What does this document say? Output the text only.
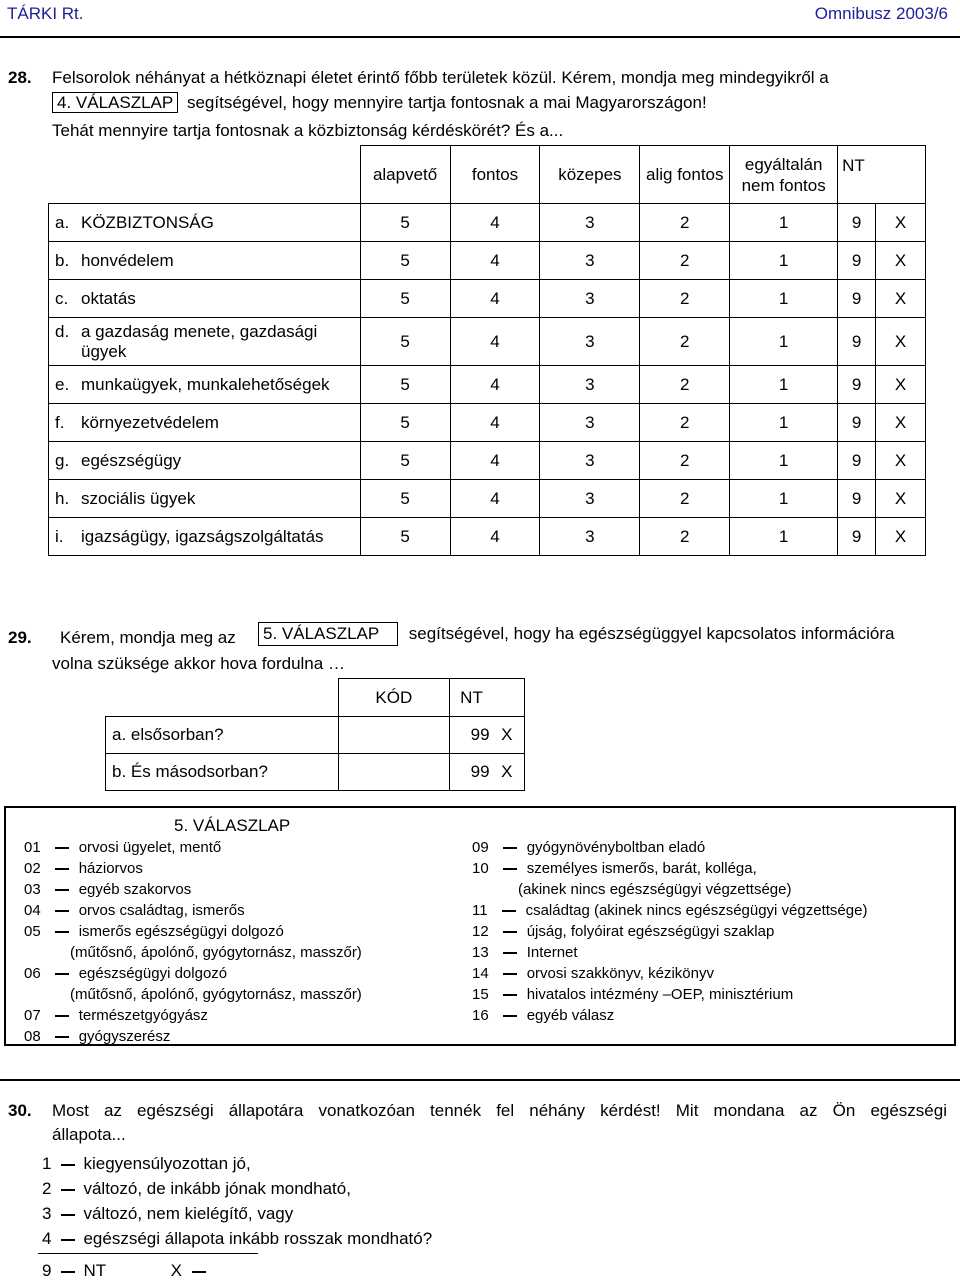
TÁRKI Rt.	Omnibusz 2003/6
28. Felsorolok néhányat a hétköznapi életet érintő főbb területek közül. Kérem, mondja meg mindegyikről a
4. VÁLASZLAP segítségével, hogy mennyire tartja fontosnak a mai Magyarországon!
Tehát mennyire tartja fontosnak a közbiztonság kérdéskörét? És a...
	alapvető	fontos	közepes	alig fontos	egyáltalán nem fontos	NT	

a. KÖZBIZTONSÁG	5	4	3	2	1	9	X

b. honvédelem	5	4	3	2	1	9	X

c. oktatás	5	4	3	2	1	9	X

d. a gazdaság menete, gazdasági ügyek	5	4	3	2	1	9	X

e. munkaügyek, munkalehetőségek	5	4	3	2	1	9	X

f. környezetvédelem	5	4	3	2	1	9	X

g. egészségügy	5	4	3	2	1	9	X

h. szociális ügyek	5	4	3	2	1	9	X

i. igazságügy, igazságszolgáltatás	5	4	3	2	1	9	X
29. Kérem, mondja meg az 5. VÁLASZLAP segítségével, hogy ha egészségüggyel kapcsolatos információra
volna szüksége akkor hova fordulna …
	KÓD	NT	
a. elsősorban?		99	X
b. És másodsorban?		99	X
5. VÁLASZLAP
01	orvosi ügyelet, mentő
02	háziorvos
03	egyéb szakorvos
04	orvos családtag, ismerős
05	ismerős egészségügyi dolgozó
(műtősnő, ápolónő, gyógytornász, masszőr)
06	egészségügyi dolgozó
(műtősnő, ápolónő, gyógytornász, masszőr)
07	természetgyógyász
08	gyógyszerész
09	gyógynövényboltban eladó
10	személyes ismerős, barát, kolléga,
(akinek nincs egészségügyi végzettsége)
11	családtag (akinek nincs egészségügyi végzettsége)
12	újság, folyóirat egészségügyi szaklap
13	Internet
14	orvosi szakkönyv, kézikönyv
15	hivatalos intézmény –OEP, minisztérium
16	egyéb válasz
30. Most az egészségi állapotára vonatkozóan tennék fel néhány kérdést! Mit mondana az Ön egészségi
állapota...
1 kiegyensúlyozottan jó,
2 változó, de inkább jónak mondható,
3 változó, nem kielégítő, vagy
4 egészségi állapota inkább rosszak mondható?
9 NT	X
